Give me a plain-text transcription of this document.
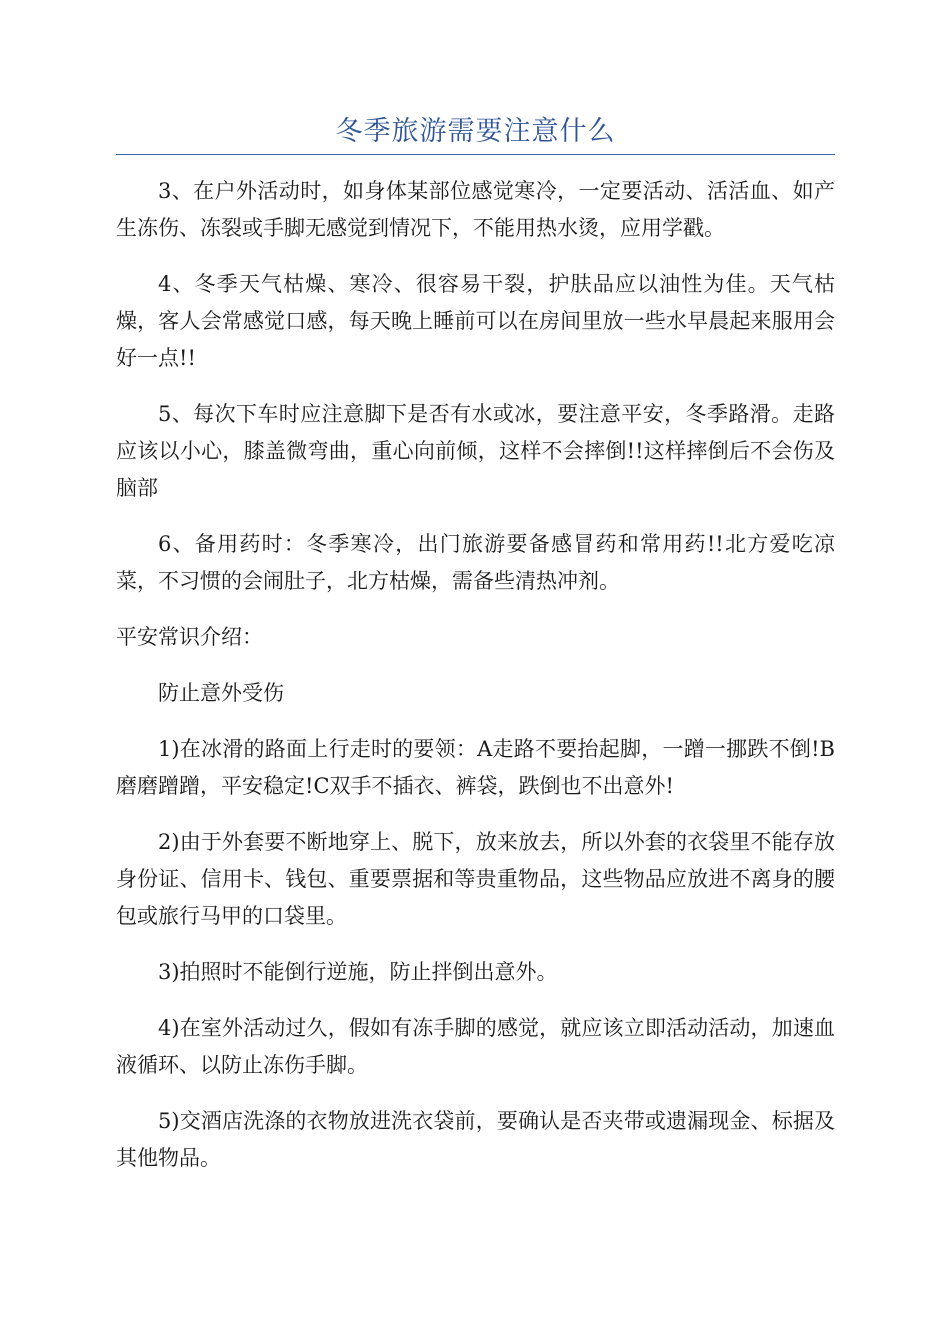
冬季旅游需要注意什么

3、在户外活动时，如身体某部位感觉寒冷，一定要活动、活活血、如产生冻伤、冻裂或手脚无感觉到情况下，不能用热水烫，应用学戳。

4、冬季天气枯燥、寒冷、很容易干裂，护肤品应以油性为佳。天气枯燥，客人会常感觉口感，每天晚上睡前可以在房间里放一些水早晨起来服用会好一点!!

5、每次下车时应注意脚下是否有水或冰，要注意平安，冬季路滑。走路应该以小心，膝盖微弯曲，重心向前倾，这样不会摔倒!!这样摔倒后不会伤及脑部

6、备用药时：冬季寒冷，出门旅游要备感冒药和常用药!!北方爱吃凉菜，不习惯的会闹肚子，北方枯燥，需备些清热冲剂。

平安常识介绍：

防止意外受伤

1)在冰滑的路面上行走时的要领：A走路不要抬起脚，一蹭一挪跌不倒!B磨磨蹭蹭，平安稳定!C双手不插衣、裤袋，跌倒也不出意外!

2)由于外套要不断地穿上、脱下，放来放去，所以外套的衣袋里不能存放身份证、信用卡、钱包、重要票据和等贵重物品，这些物品应放进不离身的腰包或旅行马甲的口袋里。

3)拍照时不能倒行逆施，防止拌倒出意外。

4)在室外活动过久，假如有冻手脚的感觉，就应该立即活动活动，加速血液循环、以防止冻伤手脚。

5)交酒店洗涤的衣物放进洗衣袋前，要确认是否夹带或遗漏现金、标据及其他物品。
